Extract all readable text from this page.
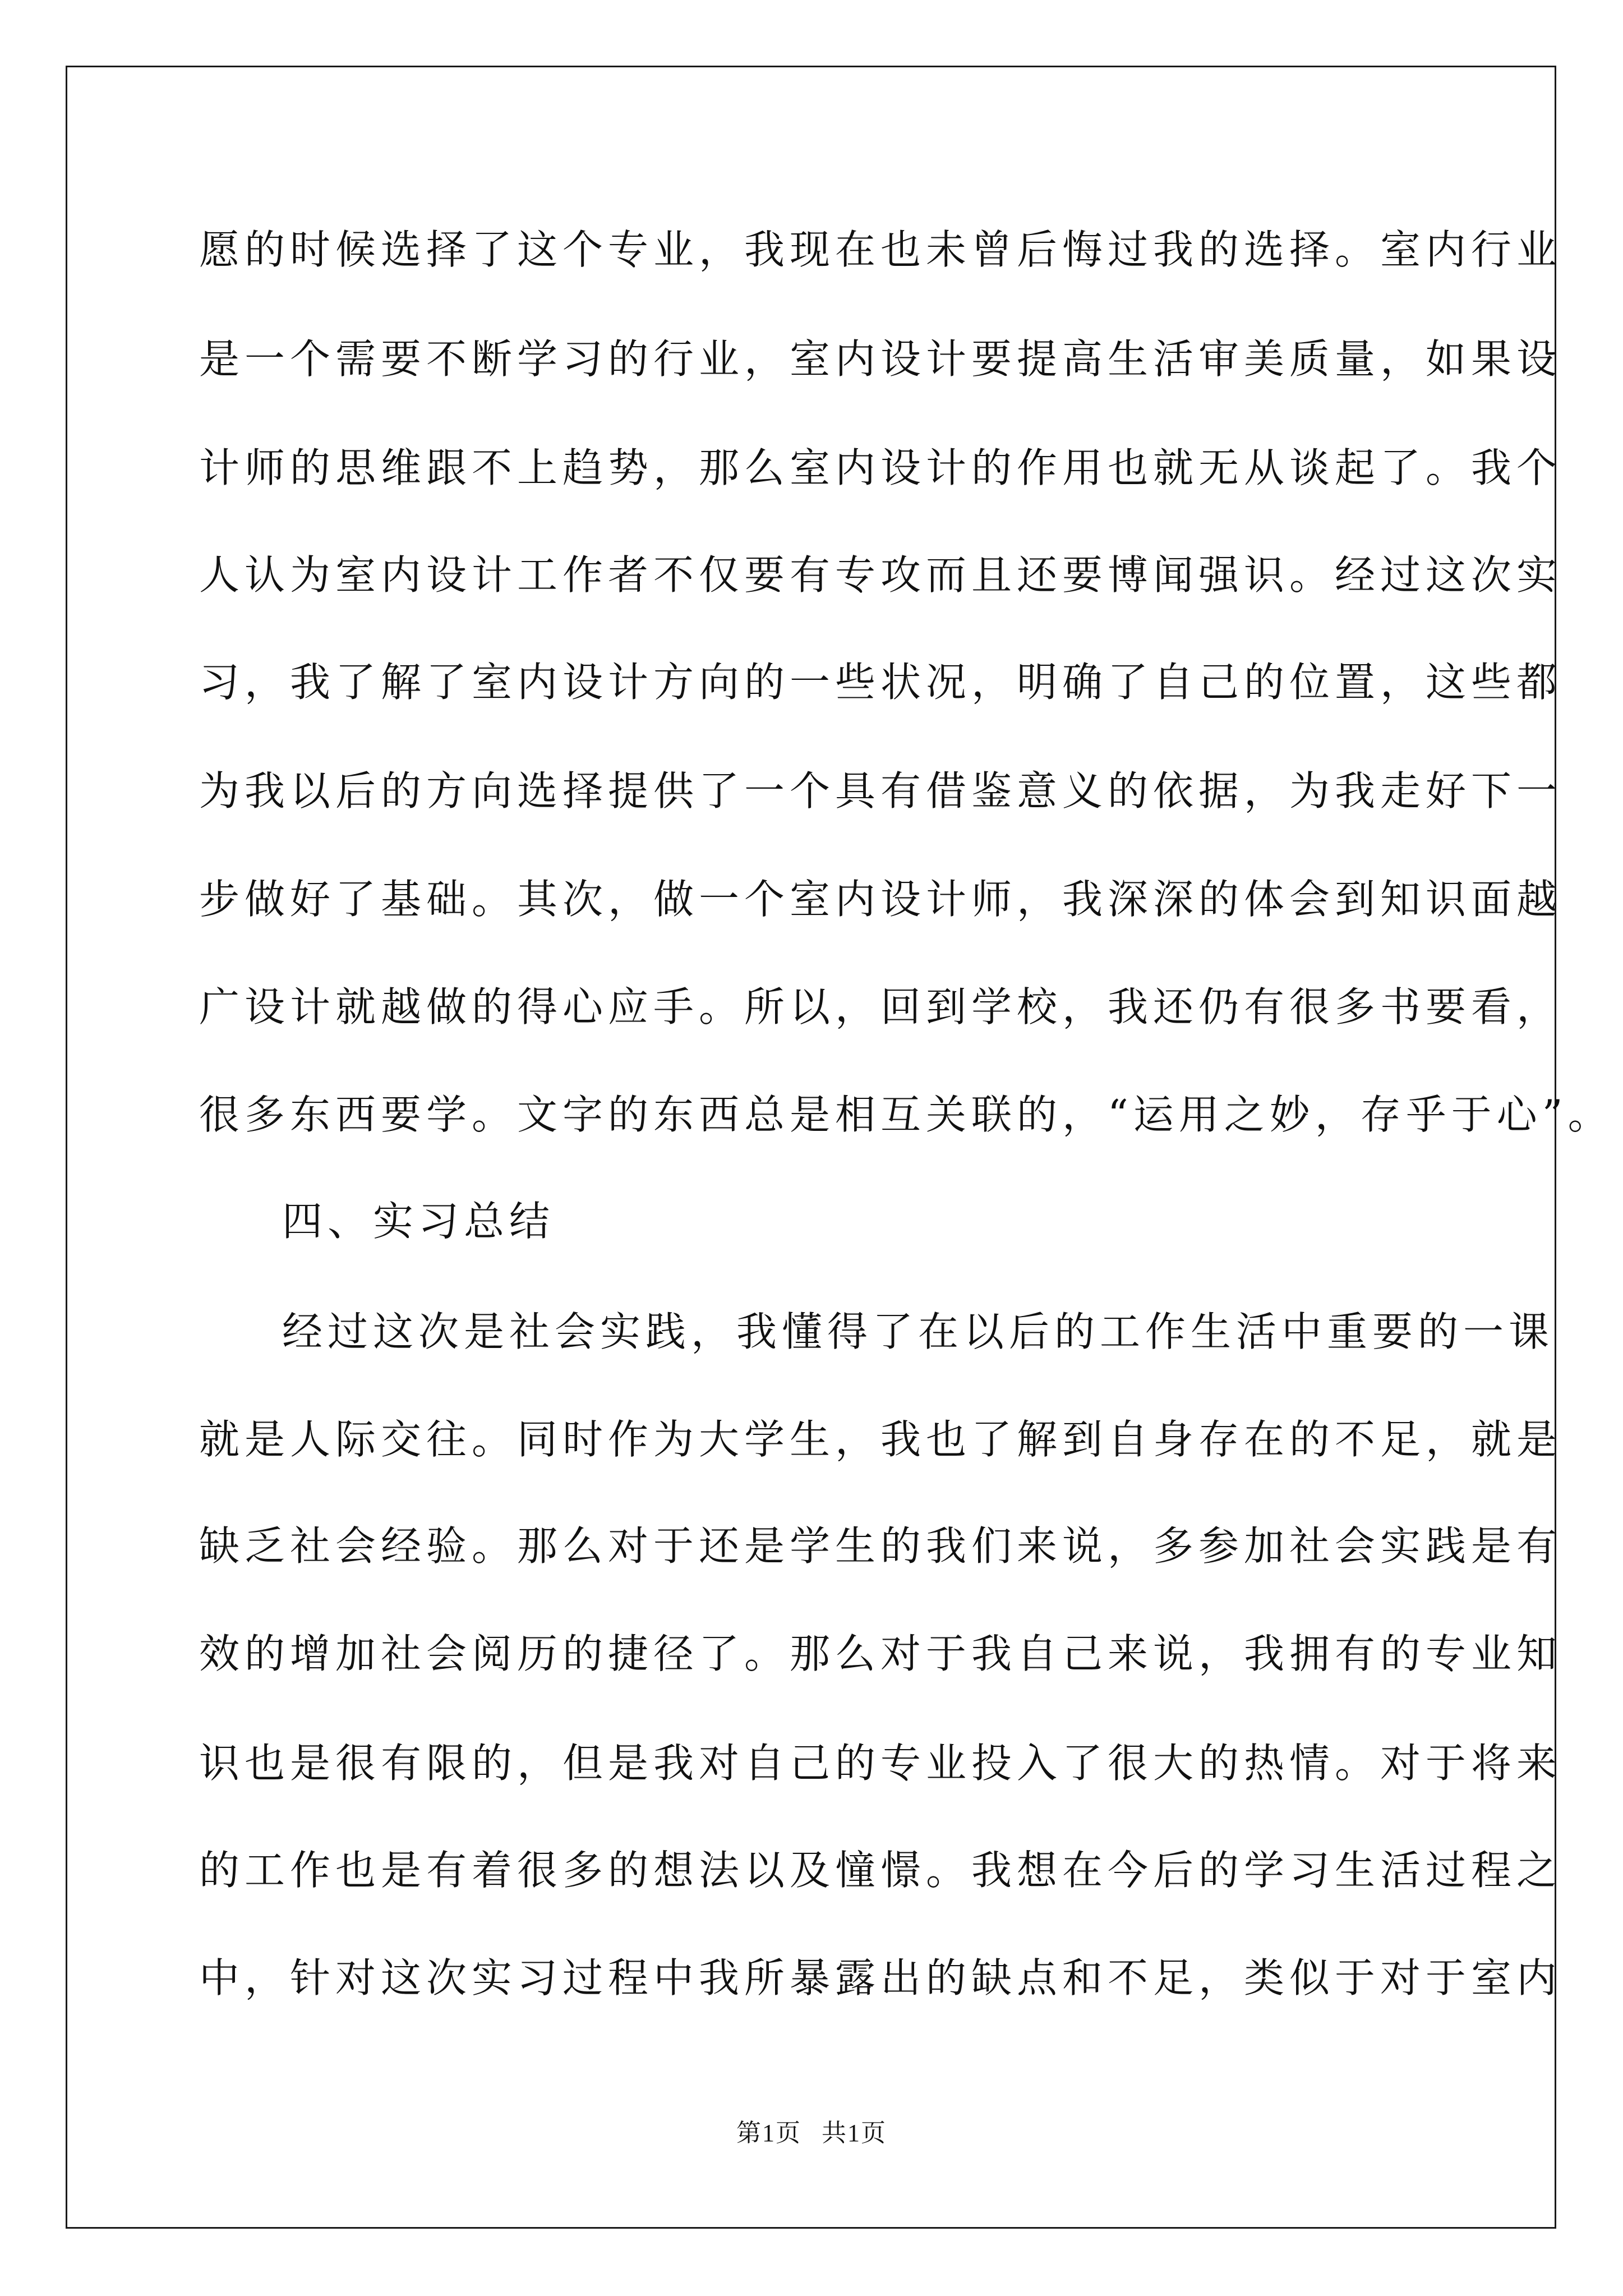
愿的时候选择了这个专业，我现在也未曾后悔过我的选择。室内行业
是一个需要不断学习的行业，室内设计要提高生活审美质量，如果设
计师的思维跟不上趋势，那么室内设计的作用也就无从谈起了。我个
人认为室内设计工作者不仅要有专攻而且还要博闻强识。经过这次实
习，我了解了室内设计方向的一些状况，明确了自己的位置，这些都
为我以后的方向选择提供了一个具有借鉴意义的依据，为我走好下一
步做好了基础。其次，做一个室内设计师，我深深的体会到知识面越
广设计就越做的得心应手。所以，回到学校，我还仍有很多书要看，
很多东西要学。文字的东西总是相互关联的，“运用之妙，存乎于心”。
四、实习总结
经过这次是社会实践，我懂得了在以后的工作生活中重要的一课
就是人际交往。同时作为大学生，我也了解到自身存在的不足，就是
缺乏社会经验。那么对于还是学生的我们来说，多参加社会实践是有
效的增加社会阅历的捷径了。那么对于我自己来说，我拥有的专业知
识也是很有限的，但是我对自己的专业投入了很大的热情。对于将来
的工作也是有着很多的想法以及憧憬。我想在今后的学习生活过程之
中，针对这次实习过程中我所暴露出的缺点和不足，类似于对于室内
第1页 共1页
